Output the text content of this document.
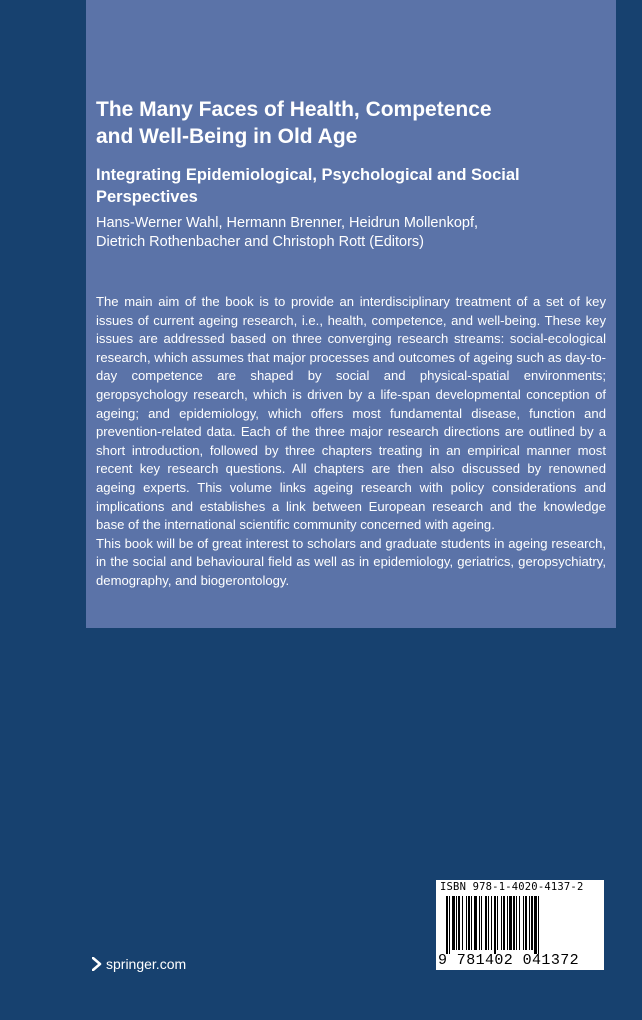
The Many Faces of Health, Competence
and Well-Being in Old Age
Integrating Epidemiological, Psychological and Social Perspectives
Hans-Werner Wahl, Hermann Brenner, Heidrun Mollenkopf,
Dietrich Rothenbacher and Christoph Rott (Editors)

The main aim of the book is to provide an interdisciplinary treatment of a set of key issues of current ageing research, i.e., health, competence, and well-being. These key issues are addressed based on three converging research streams: social-ecological research, which assumes that major processes and outcomes of ageing such as day-to-day competence are shaped by social and physical-spatial environments; geropsychology research, which is driven by a life-span developmental conception of ageing; and epidemiology, which offers most fundamental disease, function and prevention-related data. Each of the three major research directions are outlined by a short introduction, followed by three chapters treating in an empirical manner most recent key research questions. All chapters are then also discussed by renowned ageing experts. This volume links ageing research with policy considerations and implications and establishes a link between European research and the knowledge base of the international scientific community concerned with ageing.

This book will be of great interest to scholars and graduate students in ageing research, in the social and behavioural field as well as in epidemiology, geriatrics, geropsychiatry, demography, and biogerontology.

springer.com
ISBN 978-1-4020-4137-2
9 781402 041372
